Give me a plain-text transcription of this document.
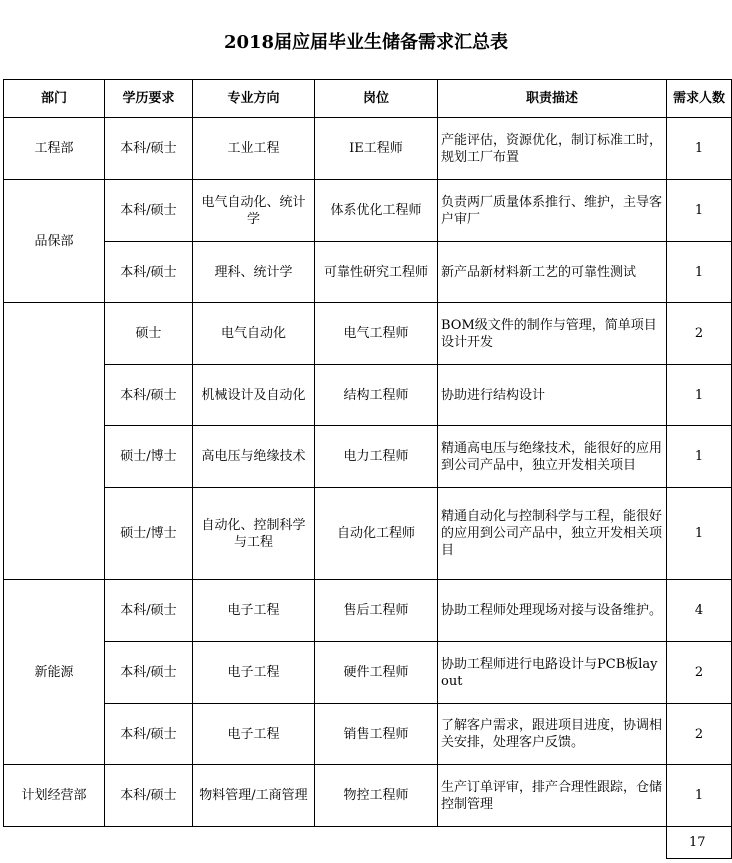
2018届应届毕业生储备需求汇总表
部门	学历要求	专业方向	岗位	职责描述	需求人数
工程部	本科/硕士	工业工程	IE工程师	产能评估，资源优化，制订标准工时，规划工厂布置	1
品保部	本科/硕士	电气自动化、统计学	体系优化工程师	负责两厂质量体系推行、维护，主导客户审厂	1
	本科/硕士	理科、统计学	可靠性研究工程师	新产品新材料新工艺的可靠性测试	1
	硕士	电气自动化	电气工程师	BOM级文件的制作与管理，简单项目设计开发	2
	本科/硕士	机械设计及自动化	结构工程师	协助进行结构设计	1
	硕士/博士	高电压与绝缘技术	电力工程师	精通高电压与绝缘技术，能很好的应用到公司产品中，独立开发相关项目	1
	硕士/博士	自动化、控制科学与工程	自动化工程师	精通自动化与控制科学与工程，能很好的应用到公司产品中，独立开发相关项目	1
新能源	本科/硕士	电子工程	售后工程师	协助工程师处理现场对接与设备维护。	4
	本科/硕士	电子工程	硬件工程师	协助工程师进行电路设计与PCB板layout	2
	本科/硕士	电子工程	销售工程师	了解客户需求，跟进项目进度，协调相关安排，处理客户反馈。	2
计划经营部	本科/硕士	物料管理/工商管理	物控工程师	生产订单评审，排产合理性跟踪，仓储控制管理	1
					17
